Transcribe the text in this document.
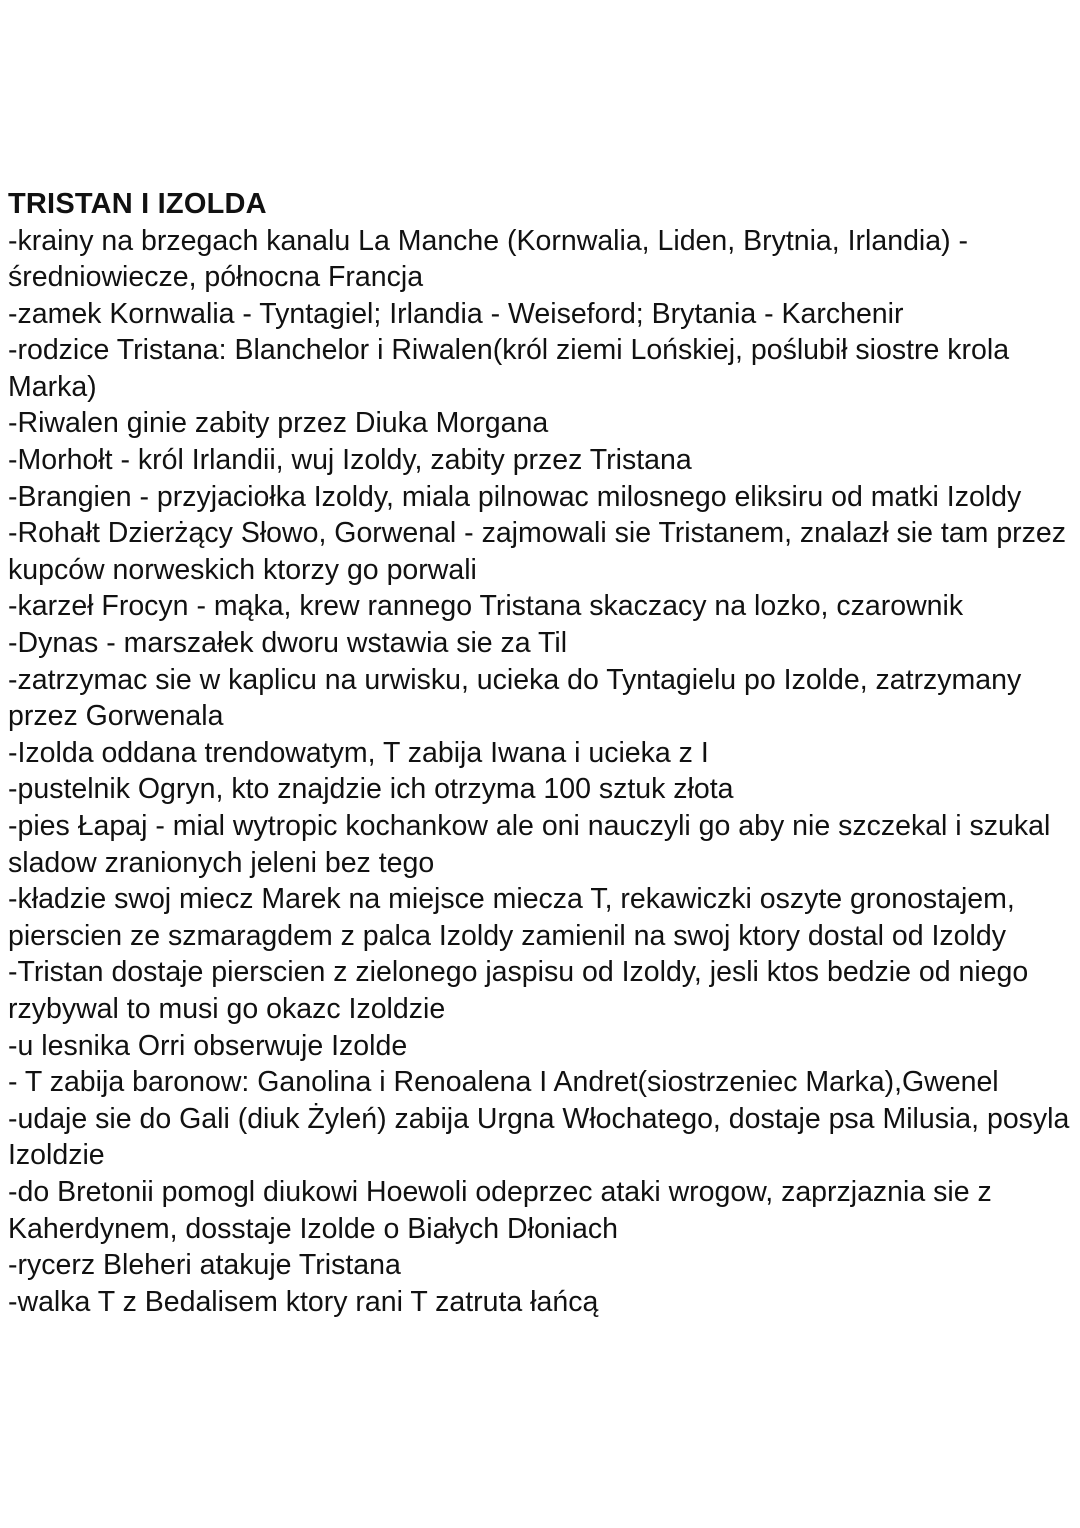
TRISTAN I IZOLDA
-krainy na brzegach kanalu La Manche (Kornwalia, Liden, Brytnia, Irlandia) - średniowiecze, północna Francja
-zamek Kornwalia - Tyntagiel; Irlandia - Weiseford; Brytania - Karchenir
-rodzice Tristana: Blanchelor i Riwalen(król ziemi Lońskiej, poślubił siostre krola Marka)
-Riwalen ginie zabity przez Diuka Morgana
-Morhołt - król Irlandii, wuj Izoldy, zabity przez Tristana
-Brangien - przyjaciołka Izoldy, miala pilnowac milosnego eliksiru od matki Izoldy
-Rohałt Dzierżący Słowo, Gorwenal - zajmowali sie Tristanem, znalazł sie tam przez kupców norweskich ktorzy go porwali
-karzeł Frocyn - mąka, krew rannego Tristana skaczacy na lozko, czarownik
-Dynas - marszałek dworu wstawia sie za Til
-zatrzymac sie w kaplicu na urwisku, ucieka do Tyntagielu po Izolde, zatrzymany przez Gorwenala
-Izolda oddana trendowatym, T zabija Iwana i ucieka z I
-pustelnik Ogryn, kto znajdzie ich otrzyma 100 sztuk złota
-pies Łapaj - mial wytropic kochankow ale oni nauczyli go aby nie szczekal i szukal sladow zranionych jeleni bez tego
-kładzie swoj miecz Marek na miejsce miecza T, rekawiczki oszyte gronostajem, pierscien ze szmaragdem z palca Izoldy zamienil na swoj ktory dostal od Izoldy
-Tristan dostaje pierscien z zielonego jaspisu od Izoldy, jesli ktos bedzie od niego rzybywal to musi go okazc Izoldzie
-u lesnika Orri obserwuje Izolde
- T zabija baronow: Ganolina i Renoalena I Andret(siostrzeniec Marka),Gwenel
-udaje sie do Gali (diuk Żyleń) zabija Urgna Włochatego, dostaje psa Milusia, posyla Izoldzie
-do Bretonii pomogl diukowi Hoewoli odeprzec ataki wrogow, zaprzjaznia sie z Kaherdynem, dosstaje Izolde o Białych Dłoniach
-rycerz Bleheri atakuje Tristana
-walka T z Bedalisem ktory rani T zatruta łańcą
